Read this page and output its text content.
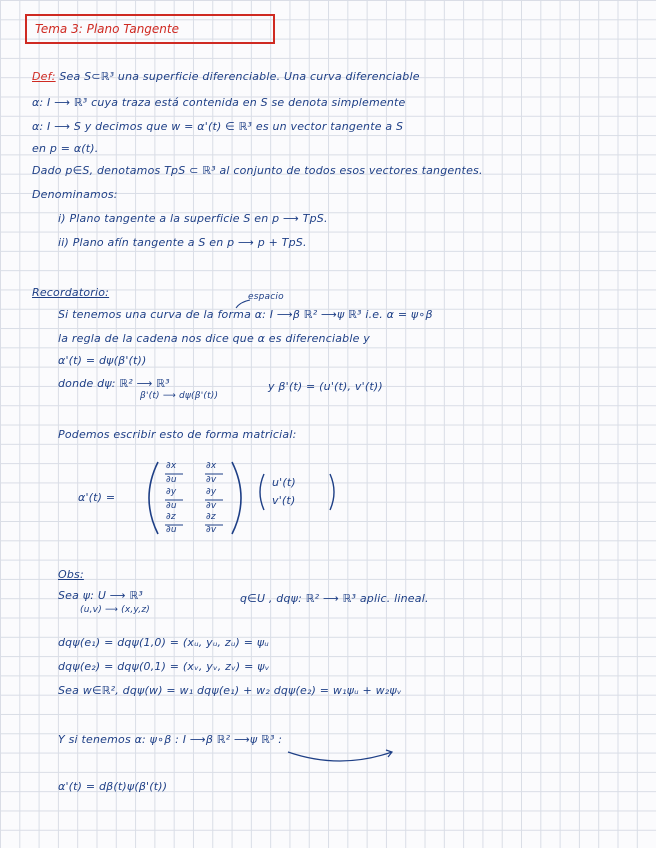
Tema 3: Plano Tangente
Def: Sea S⊂ℝ³ una superficie diferenciable. Una curva diferenciable
α: I ⟶ ℝ³ cuya traza está contenida en S se denota simplemente
α: I ⟶ S y decimos que w = α'(t) ∈ ℝ³ es un vector tangente a S
en p = α(t).
Dado p∈S, denotamos TpS ⊂ ℝ³ al conjunto de todos esos vectores tangentes.
Denominamos:
i) Plano tangente a la superficie S en p ⟶ TpS.
ii) Plano afín tangente a S en p ⟶ p + TpS.
Recordatorio:	espacio
Si tenemos una curva de la forma α: I ⟶β ℝ² ⟶ψ ℝ³ i.e. α = ψ∘β
la regla de la cadena nos dice que α es diferenciable y
α'(t) = dψ(β'(t))
donde dψ: ℝ² ⟶ ℝ³
β'(t) ⟶ dψ(β'(t))
y β'(t) = (u'(t), v'(t))
Podemos escribir esto de forma matricial:
α'(t) =
∂x
∂u
∂x
∂v
∂y
∂u
∂y
∂v
∂z
∂u
∂z
∂v
u'(t)
v'(t)
Obs:
Sea ψ: U ⟶ ℝ³
(u,v) ⟶ (x,y,z)
q∈U , dqψ: ℝ² ⟶ ℝ³ aplic. lineal.
dqψ(e₁) = dqψ(1,0) = (xᵤ, yᵤ, zᵤ) = ψᵤ
dqψ(e₂) = dqψ(0,1) = (xᵥ, yᵥ, zᵥ) = ψᵥ
Sea w∈ℝ², dqψ(w) = w₁ dqψ(e₁) + w₂ dqψ(e₂) = w₁ψᵤ + w₂ψᵥ
Y si tenemos α: ψ∘β : I ⟶β ℝ² ⟶ψ ℝ³ :
α'(t) = dβ(t)ψ(β'(t))
